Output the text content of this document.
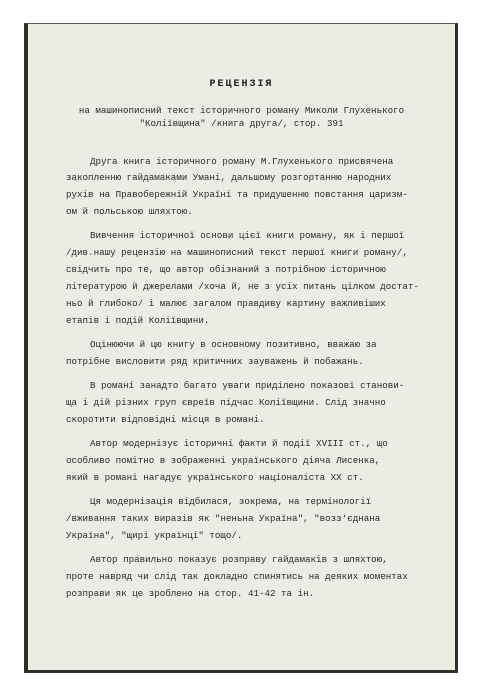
РЕЦЕНЗІЯ
на машинописний текст історичного роману Миколи Глухенького
"Коліївщина" /книга друга/, стор. 391
Друга книга історичного роману М.Глухенького присвячена
закопленню гайдамаками Умані, дальшому розгортанню народних
рухів на Правобережній Україні та придушенню повстання царизм-
ом й польською шляхтою.
Вивчення історичної основи цієї книги роману, як і першої
/див.нашу рецензію на машинописний текст першої книги роману/,
свідчить про те, що автор обізнаний з потрібною історичною
літературою й джерелами /хоча й, не з усіх питань цілком достат-
ньо й глибоко/ і малює загалом правдиву картину важливіших
етапів і подій Коліївщини.
Оцінюючи й цю книгу в основному позитивно, вважаю за
потрібне висловити ряд критичних зауважень й побажань.
В романі занадто багато уваги приділено показові станови-
ща і дій різних груп євреїв підчас Коліївщини. Слід значно
скоротити відповідні місця в романі.
Автор модернізує історичні факти й події XVIII ст., що
особливо помітно в зображенні українського діяча Лисенка,
який в романі нагадує українського націоналіста XX ст.
Ця модернізація відбилася, зокрема, на термінології
/вживання таких виразів як "неньна Україна", "возз'єднана
Україна", "щирі українці" тощо/.
Автор правильно показує розправу гайдамаків з шляхтою,
проте навряд чи слід так докладно спинятись на деяких моментах
розправи як це зроблено на стор. 41-42 та ін.
